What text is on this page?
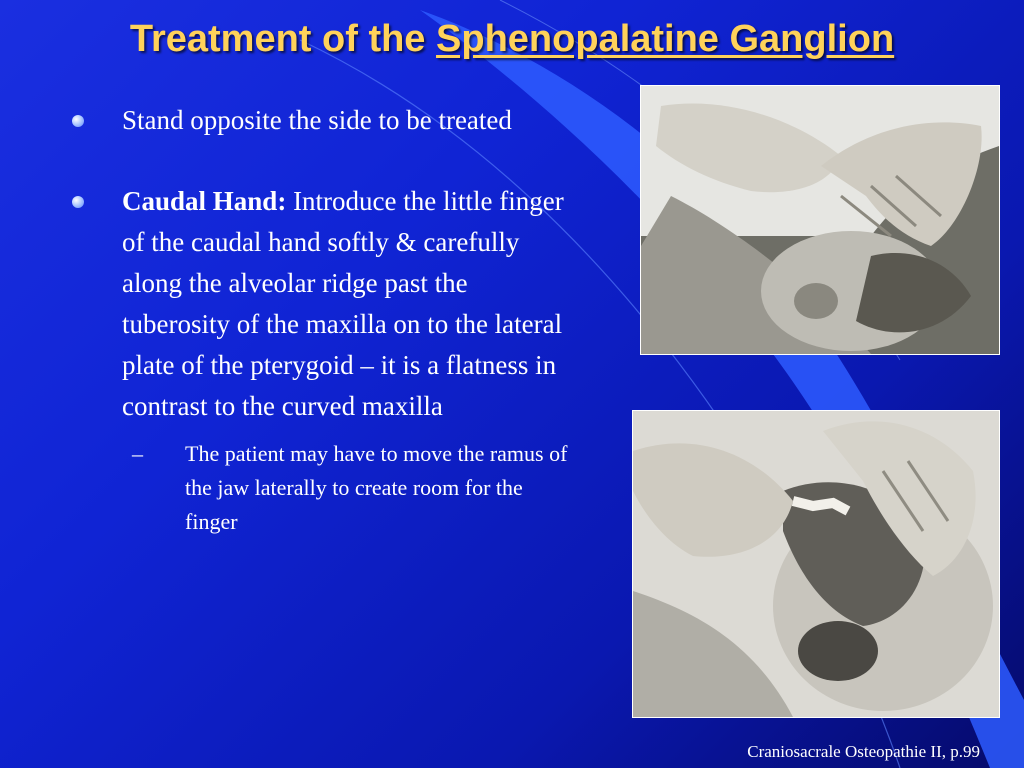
Treatment of the Sphenopalatine Ganglion
Stand opposite the side to be treated
Caudal Hand: Introduce the little finger of the caudal hand softly & carefully along the alveolar ridge past the tuberosity of the maxilla on to the lateral plate of the pterygoid – it is a flatness in contrast to the curved maxilla
– The patient may have to move the ramus of the jaw laterally to create room for the finger
Craniosacrale Osteopathie II, p.99
